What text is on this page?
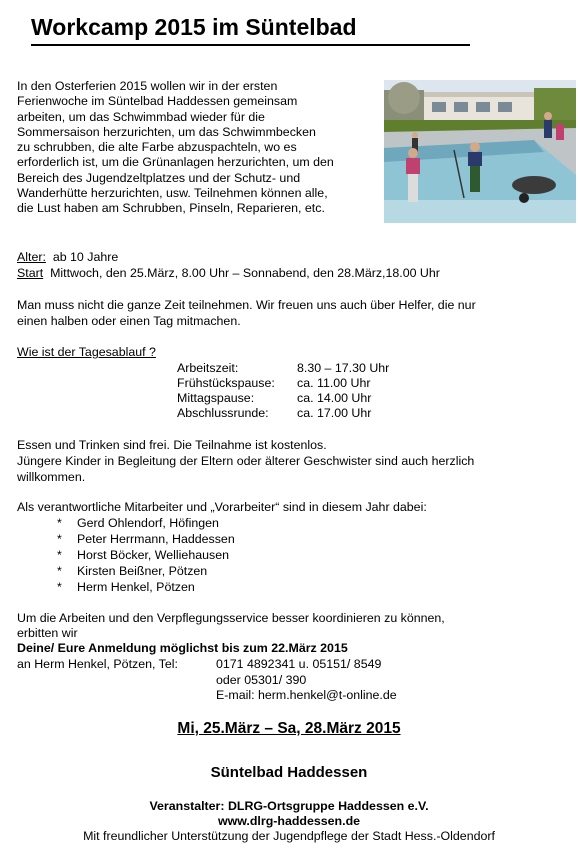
Workcamp 2015 im Süntelbad
In den Osterferien 2015 wollen wir in der ersten
Ferienwoche im Süntelbad Haddessen gemeinsam
arbeiten, um das Schwimmbad wieder für die
Sommersaison herzurichten, um das Schwimmbecken
zu schrubben, die alte Farbe abzuspachteln, wo es
erforderlich ist, um die Grünanlagen herzurichten, um den
Bereich des Jugendzeltplatzes und der Schutz- und
Wanderhütte herzurichten, usw. Teilnehmen können alle,
die Lust haben am Schrubben, Pinseln, Reparieren, etc.
Alter: ab 10 Jahre
Start Mittwoch, den 25.März, 8.00 Uhr – Sonnabend, den 28.März,18.00 Uhr
Man muss nicht die ganze Zeit teilnehmen. Wir freuen uns auch über Helfer, die nur
einen halben oder einen Tag mitmachen.
Wie ist der Tagesablauf ?
Arbeitszeit:	8.30 – 17.30 Uhr
Frühstückspause: ca. 11.00 Uhr
Mittagspause:	ca. 14.00 Uhr
Abschlussrunde: ca. 17.00 Uhr
Essen und Trinken sind frei. Die Teilnahme ist kostenlos.
Jüngere Kinder in Begleitung der Eltern oder älterer Geschwister sind auch herzlich
willkommen.
Als verantwortliche Mitarbeiter und „Vorarbeiter“ sind in diesem Jahr dabei:
* Gerd Ohlendorf, Höfingen
* Peter Herrmann, Haddessen
* Horst Böcker, Welliehausen
* Kirsten Beißner, Pötzen
* Herm Henkel, Pötzen
Um die Arbeiten und den Verpflegungsservice besser koordinieren zu können,
erbitten wir
Deine/ Eure Anmeldung möglichst bis zum 22.März 2015
an Herm Henkel, Pötzen, Tel:	0171 4892341 u. 05151/ 8549
oder 05301/ 390
E-mail: herm.henkel@t-online.de
Mi, 25.März – Sa, 28.März 2015
Süntelbad Haddessen
Veranstalter: DLRG-Ortsgruppe Haddessen e.V.
www.dlrg-haddessen.de
Mit freundlicher Unterstützung der Jugendpflege der Stadt Hess.-Oldendorf
